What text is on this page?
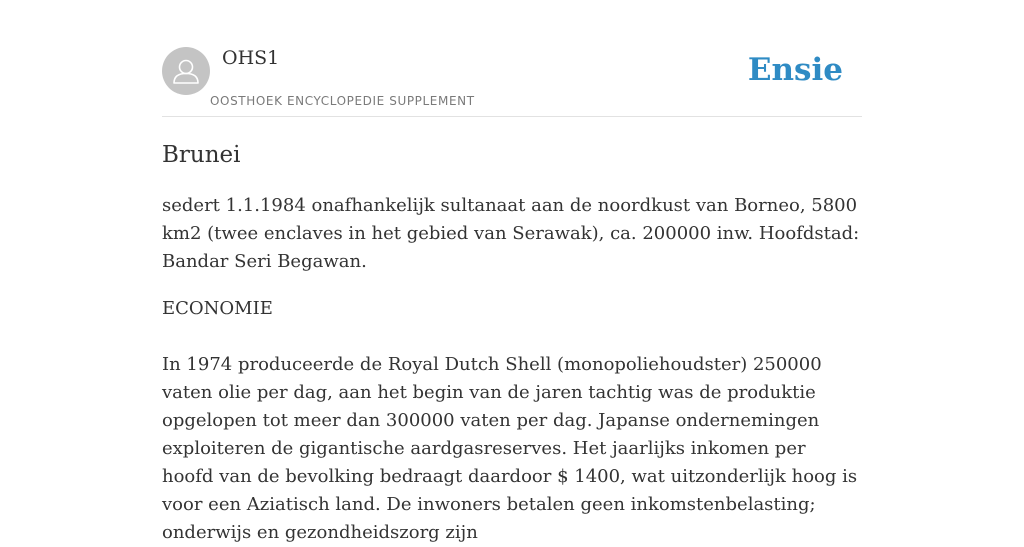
OHS1
OOSTHOEK ENCYCLOPEDIE SUPPLEMENT
Ensie
Brunei

sedert 1.1.1984 onafhankelijk sultanaat aan de noordkust van Borneo, 5800 km2 (twee enclaves in het gebied van Serawak), ca. 200000 inw. Hoofdstad: Bandar Seri Begawan.

ECONOMIE

In 1974 produceerde de Royal Dutch Shell (monopoliehoudster) 250000 vaten olie per dag, aan het begin van de jaren tachtig was de produktie opgelopen tot meer dan 300000 vaten per dag. Japanse ondernemingen exploiteren de gigantische aardgasreserves. Het jaarlijks inkomen per hoofd van de bevolking bedraagt daardoor $ 1400, wat uitzonderlijk hoog is voor een Aziatisch land. De inwoners betalen geen inkomstenbelasting; onderwijs en gezondheidszorg zijn
